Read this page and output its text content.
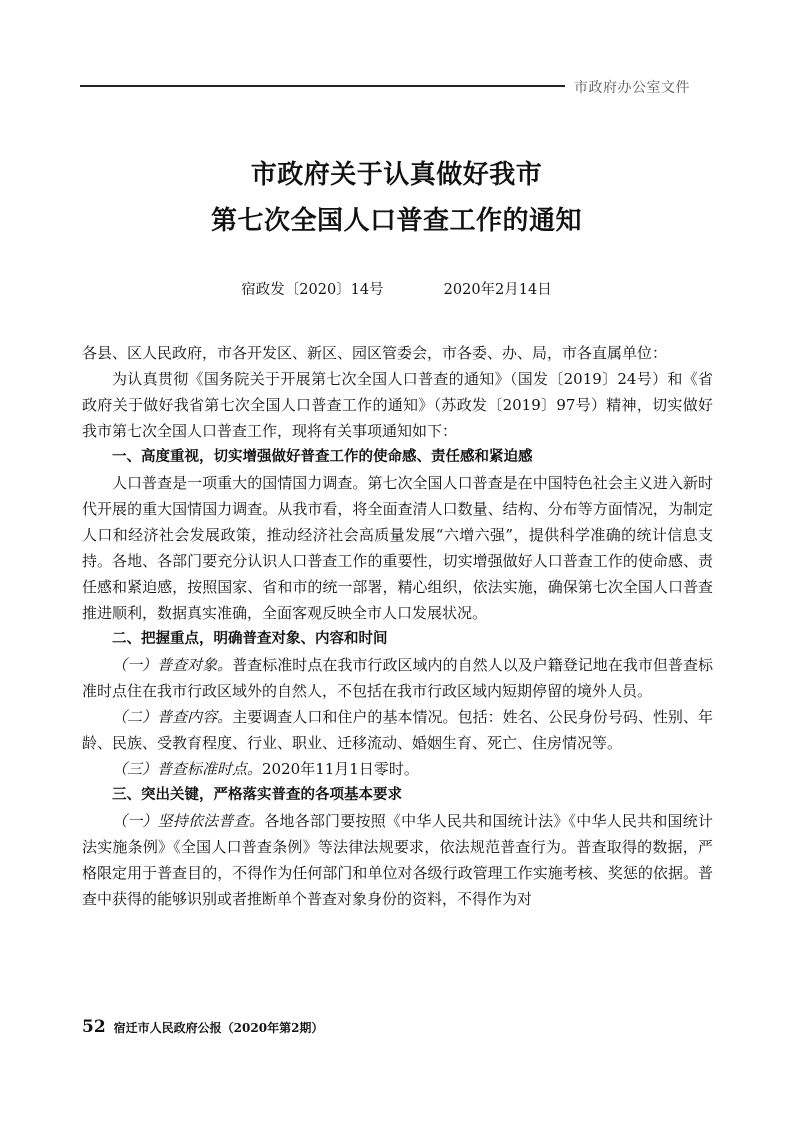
市政府办公室文件
市政府关于认真做好我市
第七次全国人口普查工作的通知
宿政发〔2020〕14号	2020年2月14日

各县、区人民政府，市各开发区、新区、园区管委会，市各委、办、局，市各直属单位：

为认真贯彻《国务院关于开展第七次全国人口普查的通知》（国发〔2019〕24号）和《省政府关于做好我省第七次全国人口普查工作的通知》（苏政发〔2019〕97号）精神，切实做好我市第七次全国人口普查工作，现将有关事项通知如下：

一、高度重视，切实增强做好普查工作的使命感、责任感和紧迫感

人口普查是一项重大的国情国力调查。第七次全国人口普查是在中国特色社会主义进入新时代开展的重大国情国力调查。从我市看，将全面查清人口数量、结构、分布等方面情况，为制定人口和经济社会发展政策，推动经济社会高质量发展“六增六强”，提供科学准确的统计信息支持。各地、各部门要充分认识人口普查工作的重要性，切实增强做好人口普查工作的使命感、责任感和紧迫感，按照国家、省和市的统一部署，精心组织，依法实施，确保第七次全国人口普查推进顺利，数据真实准确，全面客观反映全市人口发展状况。

二、把握重点，明确普查对象、内容和时间

（一）普查对象。普查标准时点在我市行政区域内的自然人以及户籍登记地在我市但普查标准时点住在我市行政区域外的自然人，不包括在我市行政区域内短期停留的境外人员。

（二）普查内容。主要调查人口和住户的基本情况。包括：姓名、公民身份号码、性别、年龄、民族、受教育程度、行业、职业、迁移流动、婚姻生育、死亡、住房情况等。

（三）普查标准时点。2020年11月1日零时。

三、突出关键，严格落实普查的各项基本要求

（一）坚持依法普查。各地各部门要按照《中华人民共和国统计法》《中华人民共和国统计法实施条例》《全国人口普查条例》等法律法规要求，依法规范普查行为。普查取得的数据，严格限定用于普查目的，不得作为任何部门和单位对各级行政管理工作实施考核、奖惩的依据。普查中获得的能够识别或者推断单个普查对象身份的资料，不得作为对

52 宿迁市人民政府公报（2020年第2期）
